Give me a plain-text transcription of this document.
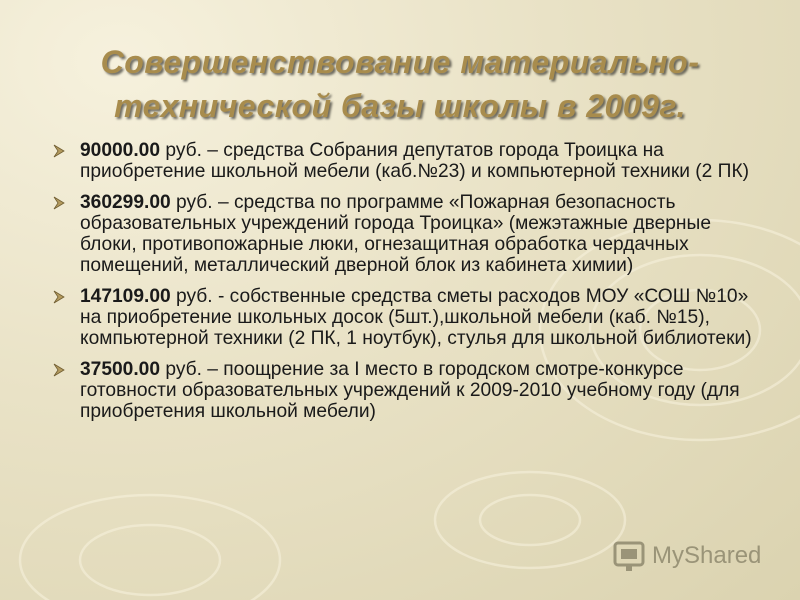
Совершенствование материально-
технической базы школы в 2009г.
90000.00 руб. – средства Собрания депутатов города Троицка на приобретение школьной мебели (каб.№23) и компьютерной техники (2 ПК)
360299.00 руб. – средства по программе «Пожарная безопасность образовательных учреждений города Троицка» (межэтажные дверные блоки, противопожарные люки, огнезащитная обработка чердачных помещений, металлический дверной блок из кабинета химии)
147109.00 руб. - собственные средства сметы расходов МОУ «СОШ №10» на приобретение школьных досок (5шт.),школьной мебели (каб. №15), компьютерной техники (2 ПК, 1 ноутбук), стулья для школьной библиотеки)
37500.00 руб. – поощрение за I место в городском смотре-конкурсе готовности образовательных учреждений к 2009-2010 учебному году (для приобретения школьной мебели)
MyShared
